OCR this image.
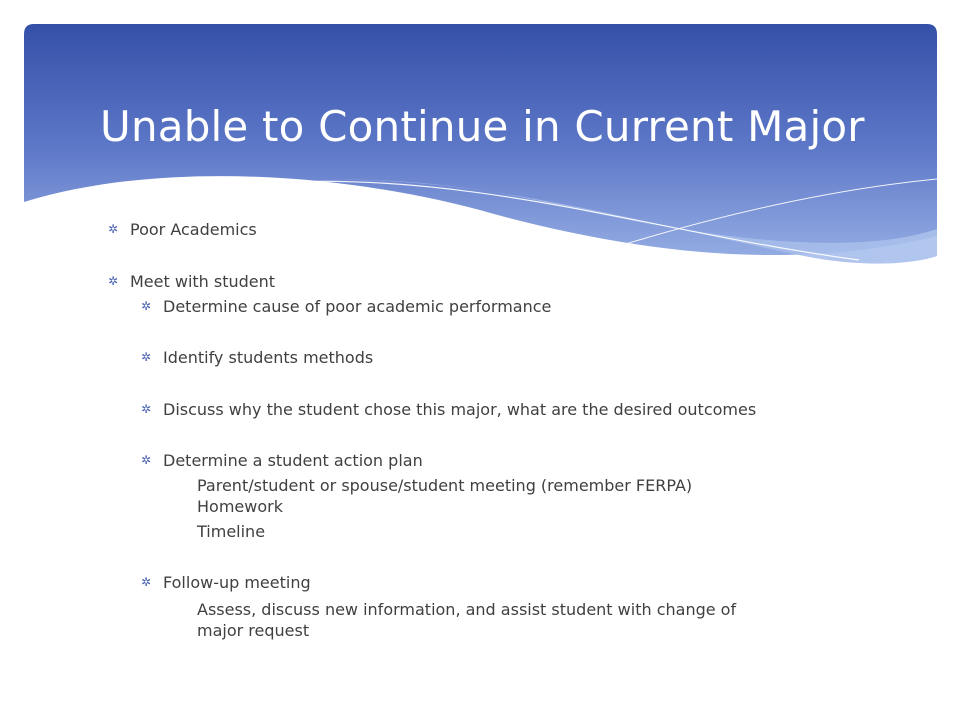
Unable to Continue in Current Major
✲ Poor Academics
✲ Meet with student
✲ Determine cause of poor academic performance
✲ Identify students methods
✲ Discuss why the student chose this major, what are the desired outcomes
✲ Determine a student action plan
Parent/student or spouse/student meeting (remember FERPA)
Homework
Timeline
✲ Follow-up meeting
Assess, discuss new information, and assist student with change of
major request
